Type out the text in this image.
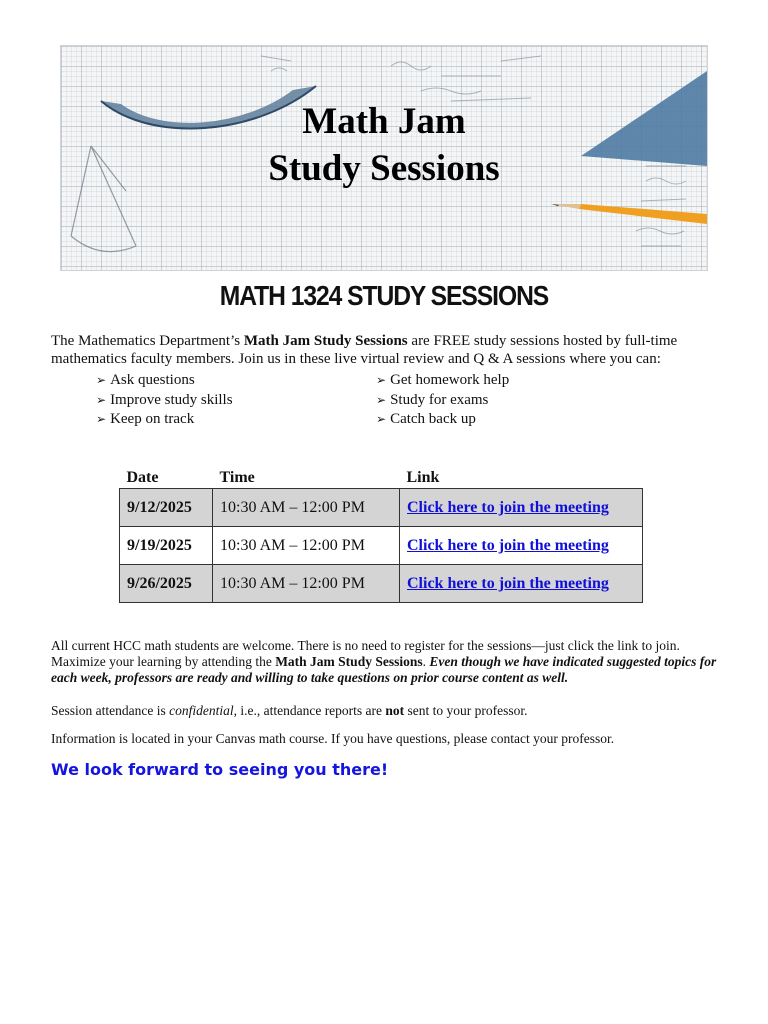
Math Jam
Study Sessions
MATH 1324 STUDY SESSIONS
The Mathematics Department’s Math Jam Study Sessions are FREE study sessions hosted by full-time mathematics faculty members. Join us in these live virtual review and Q & A sessions where you can:
➢ Ask questions	➢ Get homework help
➢ Improve study skills	➢ Study for exams
➢ Keep on track	➢ Catch back up
Date	Time	Link
9/12/2025	10:30 AM – 12:00 PM	Click here to join the meeting
9/19/2025	10:30 AM – 12:00 PM	Click here to join the meeting
9/26/2025	10:30 AM – 12:00 PM	Click here to join the meeting
All current HCC math students are welcome. There is no need to register for the sessions—just click the link to join. Maximize your learning by attending the Math Jam Study Sessions. Even though we have indicated suggested topics for each week, professors are ready and willing to take questions on prior course content as well.
Session attendance is confidential, i.e., attendance reports are not sent to your professor.
Information is located in your Canvas math course. If you have questions, please contact your professor.
We look forward to seeing you there!
